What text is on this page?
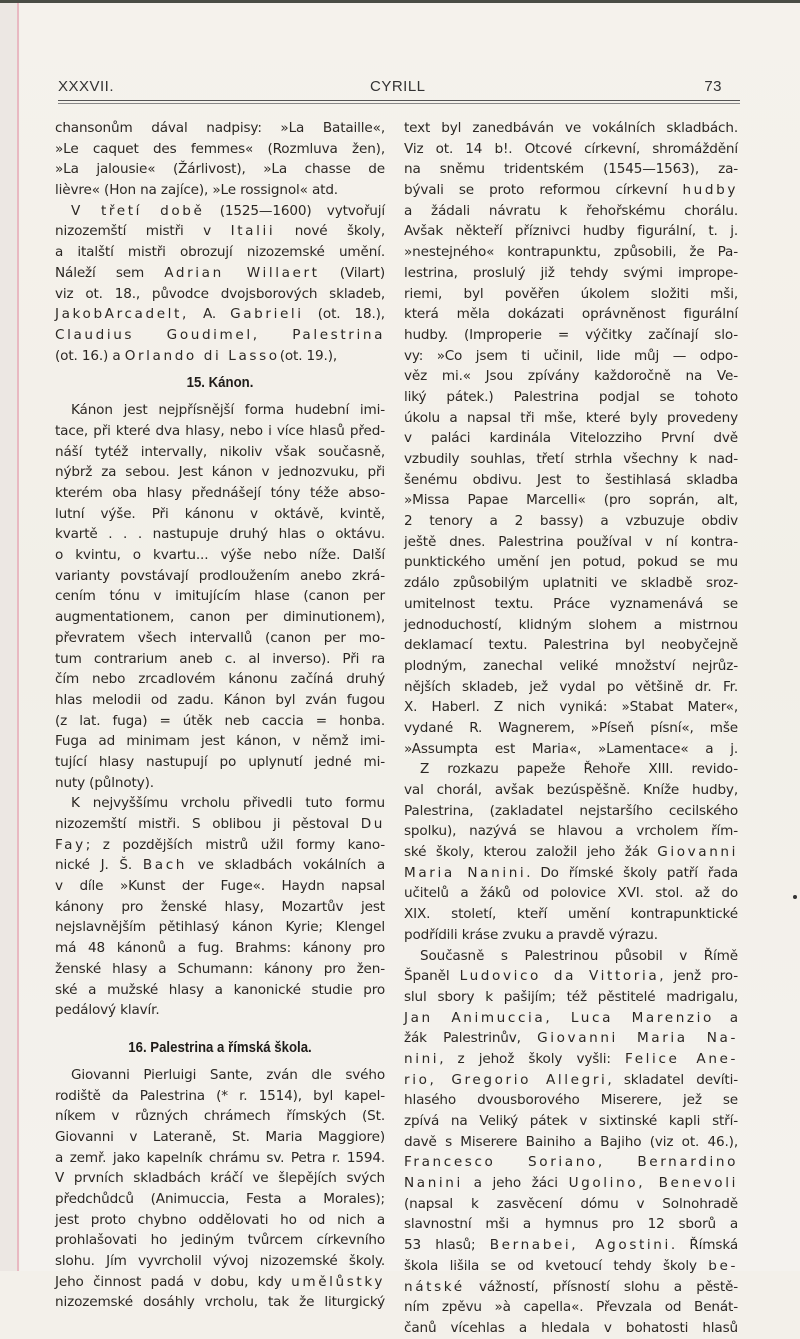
XXXVII.	CYRILL	73
chansonům dával nadpisy: »La Bataille«,
»Le caquet des femmes« (Rozmluva žen),
»La jalousie« (Žárlivost), »La chasse de
lièvre« (Hon na zajíce), »Le rossignol« atd.
V třetí době (1525—1600) vytvořují
nizozemští mistři v Italii nové školy,
a italští mistři obrozují nizozemské umění.
Náleží sem Adrian Willaert (Vilart)
viz ot. 18., původce dvojsborových skladeb,
JakobArcadelt, A. Gabrieli (ot. 18.),
Claudius Goudimel, Palestrina
(ot. 16.) a Orlando di Lasso(ot. 19.),
15. Kánon.
Kánon jest nejpřísnější forma hudební imi-
tace, při které dva hlasy, nebo i více hlasů před-
náší tytéž intervally, nikoliv však současně,
nýbrž za sebou. Jest kánon v jednozvuku, při
kterém oba hlasy přednášejí tóny téže abso-
lutní výše. Při kánonu v oktávě, kvintě,
kvartě . . . nastupuje druhý hlas o oktávu.
o kvintu, o kvartu... výše nebo níže. Další
varianty povstávají prodloužením anebo zkrá-
cením tónu v imitujícím hlase (canon per
augmentationem, canon per diminutionem),
převratem všech intervallů (canon per mo-
tum contrarium aneb c. al inverso). Při ra
čím nebo zrcadlovém kánonu začíná druhý
hlas melodii od zadu. Kánon byl zván fugou
(z lat. fuga) = útěk neb caccia = honba.
Fuga ad minimam jest kánon, v němž imi-
tující hlasy nastupují po uplynutí jedné mi-
nuty (půlnoty).
K nejvyššímu vrcholu přivedli tuto formu
nizozemští mistři. S oblibou ji pěstoval Du
Fay; z pozdějších mistrů užil formy kano-
nické J. Š. Bach ve skladbách vokálních a
v díle »Kunst der Fuge«. Haydn napsal
kánony pro ženské hlasy, Mozartův jest
nejslavnějším pětihlasý kánon Kyrie; Klengel
má 48 kánonů a fug. Brahms: kánony pro
ženské hlasy a Schumann: kánony pro žen-
ské a mužské hlasy a kanonické studie pro
pedálový klavír.
16. Palestrina a římská škola.
Giovanni Pierluigi Sante, zván dle svého
rodiště da Palestrina (* r. 1514), byl kapel-
níkem v různých chrámech římských (St.
Giovanni v Lateraně, St. Maria Maggiore)
a zemř. jako kapelník chrámu sv. Petra r. 1594.
V prvních skladbách kráčí ve šlepějích svých
předchůdců (Animuccia, Festa a Morales);
jest proto chybno oddělovati ho od nich a
prohlašovati ho jediným tvůrcem církevního
slohu. Jím vyvrcholil vývoj nizozemské školy.
Jeho činnost padá v dobu, kdy umělůstky
nizozemské dosáhly vrcholu, tak že liturgický
text byl zanedbáván ve vokálních skladbách.
Viz ot. 14 b!. Otcové církevní, shromáždění
na sněmu tridentském (1545—1563), za-
bývali se proto reformou církevní hudby
a žádali návratu k řehořskému chorálu.
Avšak někteří příznivci hudby figurální, t. j.
»nestejného« kontrapunktu, způsobili, že Pa-
lestrina, proslulý již tehdy svými imprope-
riemi, byl pověřen úkolem složiti mši,
která měla dokázati oprávněnost figurální
hudby. (Improperie = výčitky začínají slo-
vy: »Co jsem ti učinil, lide můj — odpo-
věz mi.« Jsou zpívány každoročně na Ve-
liký pátek.) Palestrina podjal se tohoto
úkolu a napsal tři mše, které byly provedeny
v paláci kardinála Vitelozziho První dvě
vzbudily souhlas, třetí strhla všechny k nad-
šenému obdivu. Jest to šestihlasá skladba
»Missa Papae Marcelli« (pro soprán, alt,
2 tenory a 2 bassy) a vzbuzuje obdiv
ještě dnes. Palestrina používal v ní kontra-
punktického umění jen potud, pokud se mu
zdálo způsobilým uplatniti ve skladbě sroz-
umitelnost textu. Práce vyznamenává se
jednoduchostí, klidným slohem a mistrnou
deklamací textu. Palestrina byl neobyčejně
plodným, zanechal veliké množství nejrůz-
nějších skladeb, jež vydal po většině dr. Fr.
X. Haberl. Z nich vyniká: »Stabat Mater«,
vydané R. Wagnerem, »Píseň písní«, mše
»Assumpta est Maria«, »Lamentace« a j.
Z rozkazu papeže Řehoře XIII. revido-
val chorál, avšak bezúspěšně. Kníže hudby,
Palestrina, (zakladatel nejstaršího cecilského
spolku), nazývá se hlavou a vrcholem řím-
ské školy, kterou založil jeho žák Giovanni
Maria Nanini. Do římské školy patří řada
učitelů a žáků od polovice XVI. stol. až do
XIX. století, kteří umění kontrapunktické
podřídili kráse zvuku a pravdě výrazu.
Současně s Palestrinou působil v Římě
Španěl Ludovico da Vittoria, jenž pro-
slul sbory k pašijím; též pěstitelé madrigalu,
Jan Animuccia, Luca Marenzio a
žák Palestrinův, Giovanni Maria Na-
nini, z jehož školy vyšli: Felice Ane-
rio, Gregorio Allegri, skladatel devíti-
hlasého dvousborového Miserere, jež se
zpívá na Veliký pátek v sixtinské kapli stří-
davě s Miserere Bainiho a Bajiho (viz ot. 46.),
Francesco Soriano, Bernardino
Nanini a jeho žáci Ugolino, Benevoli
(napsal k zasvěcení dómu v Solnohradě
slavnostní mši a hymnus pro 12 sborů a
53 hlasů; Bernabei, Agostini. Římská
škola lišila se od kvetoucí tehdy školy be-
nátské vážností, přísností slohu a pěstě-
ním zpěvu »à capella«. Převzala od Benát-
čanů vícehlas a hledala v bohatosti hlasů
